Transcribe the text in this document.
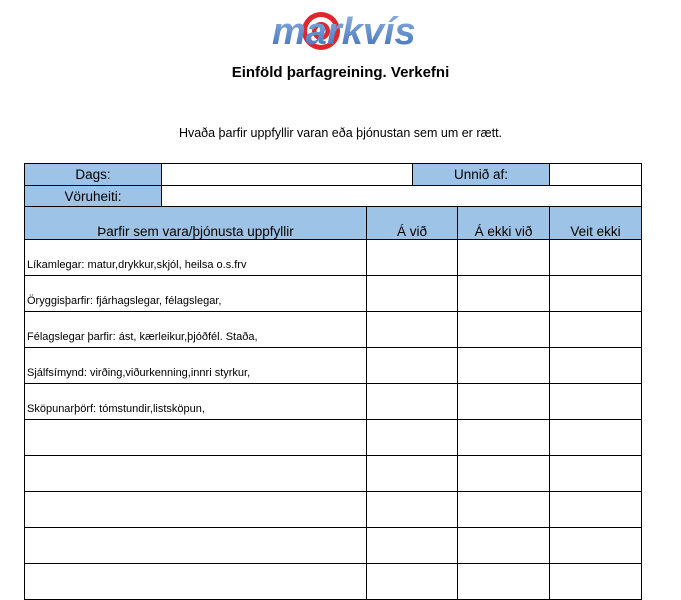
markvís
Einföld þarfagreining. Verkefni
Hvaða þarfir uppfyllir varan eða þjónustan sem um er rætt.
Dags:			Unnið af:		
Vöruheiti:					
Þarfir sem vara/þjónusta uppfyllir		Á við		Á ekki við	Veit ekki
Líkamlegar: matur,drykkur,skjól, heilsa o.s.frv					
Öryggisþarfir: fjárhagslegar, félagslegar,					
Félagslegar þarfir: ást, kærleikur,þjóðfél. Staða,					
Sjálfsímynd: virðing,viðurkenning,innri styrkur,					
Sköpunarþörf: tómstundir,listsköpun,					
